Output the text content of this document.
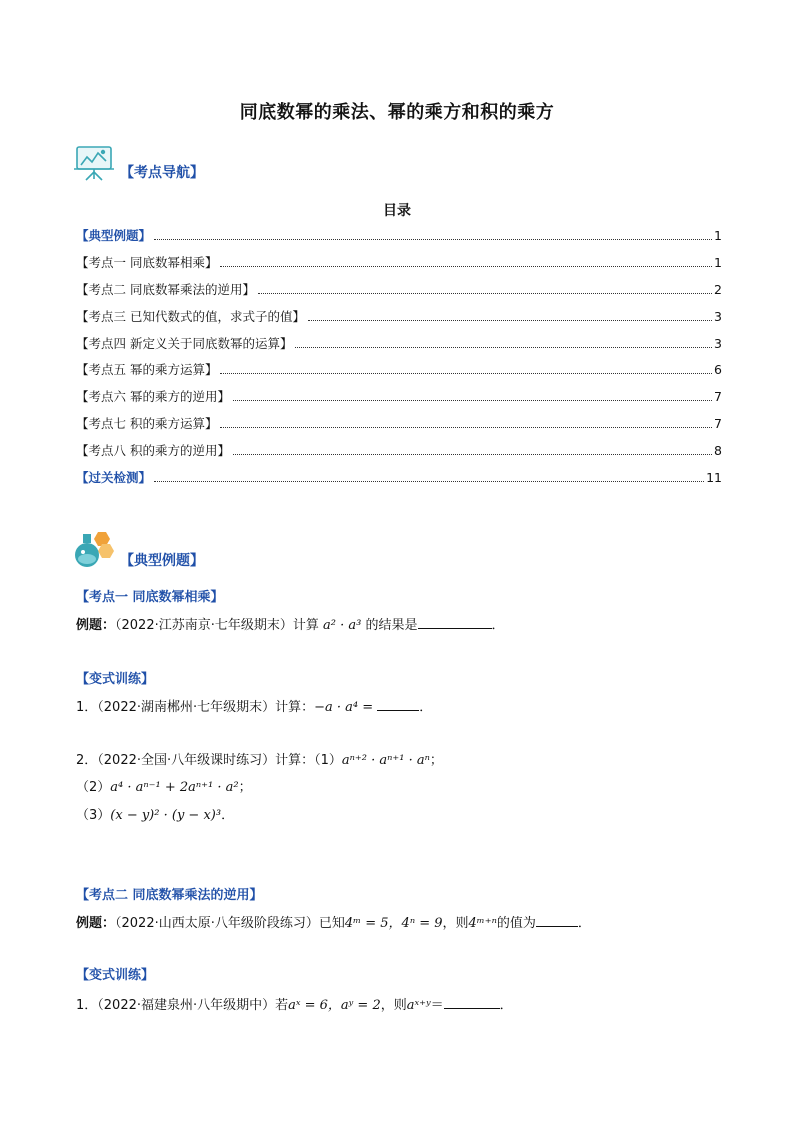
同底数幂的乘法、幂的乘方和积的乘方
【考点导航】
目录
【典型例题】	1
【考点一 同底数幂相乘】	1
【考点二 同底数幂乘法的逆用】	2
【考点三 已知代数式的值，求式子的值】	3
【考点四 新定义关于同底数幂的运算】	3
【考点五 幂的乘方运算】	6
【考点六 幂的乘方的逆用】	7
【考点七 积的乘方运算】	7
【考点八 积的乘方的逆用】	8
【过关检测】	11
【典型例题】
【考点一 同底数幂相乘】
例题：（2022·江苏南京·七年级期末）计算 a² · a³ 的结果是	．
【变式训练】
1．（2022·湖南郴州·七年级期末）计算：−a · a⁴ =	．
2．（2022·全国·八年级课时练习）计算：（1）aⁿ⁺² · aⁿ⁺¹ · aⁿ；
（2）a⁴ · aⁿ⁻¹ + 2aⁿ⁺¹ · a²；
（3）(x − y)² · (y − x)³．
【考点二 同底数幂乘法的逆用】
例题：（2022·山西太原·八年级阶段练习）已知4ᵐ = 5，4ⁿ = 9，则4ᵐ⁺ⁿ的值为	．
【变式训练】
1．（2022·福建泉州·八年级期中）若aˣ = 6，aʸ = 2，则aˣ⁺ʸ＝	．
